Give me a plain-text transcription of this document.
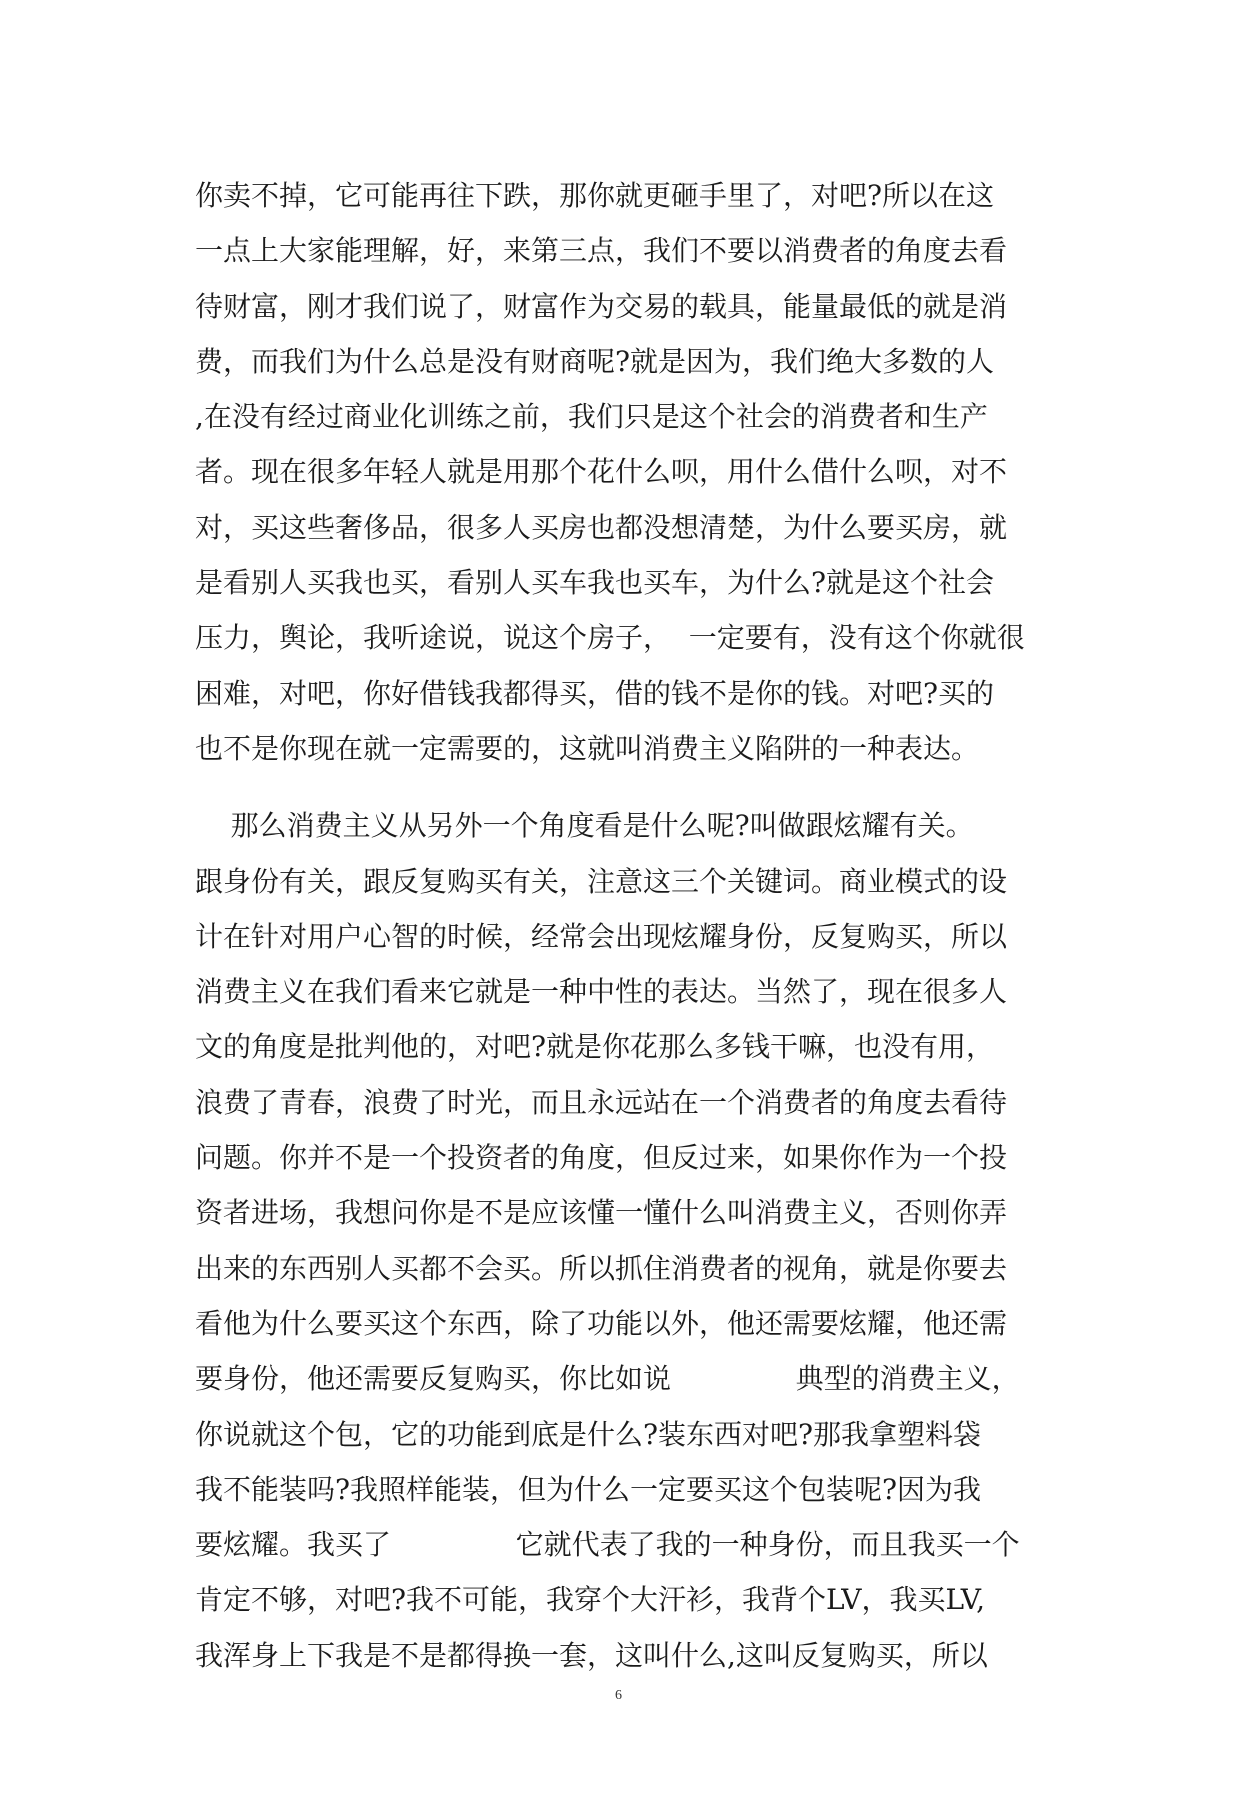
你卖不掉，它可能再往下跌，那你就更砸手里了，对吧?所以在这
一点上大家能理解，好，来第三点，我们不要以消费者的角度去看
待财富，刚才我们说了，财富作为交易的载具，能量最低的就是消
费，而我们为什么总是没有财商呢?就是因为，我们绝大多数的人
,在没有经过商业化训练之前，我们只是这个社会的消费者和生产
者。现在很多年轻人就是用那个花什么呗，用什么借什么呗，对不
对，买这些奢侈品，很多人买房也都没想清楚，为什么要买房，就
是看别人买我也买，看别人买车我也买车，为什么?就是这个社会
压力，舆论，我听途说，说这个房子，  一定要有，没有这个你就很
困难，对吧，你好借钱我都得买，借的钱不是你的钱。对吧?买的
也不是你现在就一定需要的，这就叫消费主义陷阱的一种表达。
那么消费主义从另外一个角度看是什么呢?叫做跟炫耀有关。
跟身份有关，跟反复购买有关，注意这三个关键词。商业模式的设
计在针对用户心智的时候，经常会出现炫耀身份，反复购买，所以
消费主义在我们看来它就是一种中性的表达。当然了，现在很多人
文的角度是批判他的，对吧?就是你花那么多钱干嘛，也没有用，
浪费了青春，浪费了时光，而且永远站在一个消费者的角度去看待
问题。你并不是一个投资者的角度，但反过来，如果你作为一个投
资者进场，我想问你是不是应该懂一懂什么叫消费主义，否则你弄
出来的东西别人买都不会买。所以抓住消费者的视角，就是你要去
看他为什么要买这个东西，除了功能以外，他还需要炫耀，他还需
要身份，他还需要反复购买，你比如说              典型的消费主义，
你说就这个包，它的功能到底是什么?装东西对吧?那我拿塑料袋
我不能装吗?我照样能装，但为什么一定要买这个包装呢?因为我
要炫耀。我买了              它就代表了我的一种身份，而且我买一个
肯定不够，对吧?我不可能，我穿个大汗衫，我背个LV，我买LV,
我浑身上下我是不是都得换一套，这叫什么,这叫反复购买，所以
6
